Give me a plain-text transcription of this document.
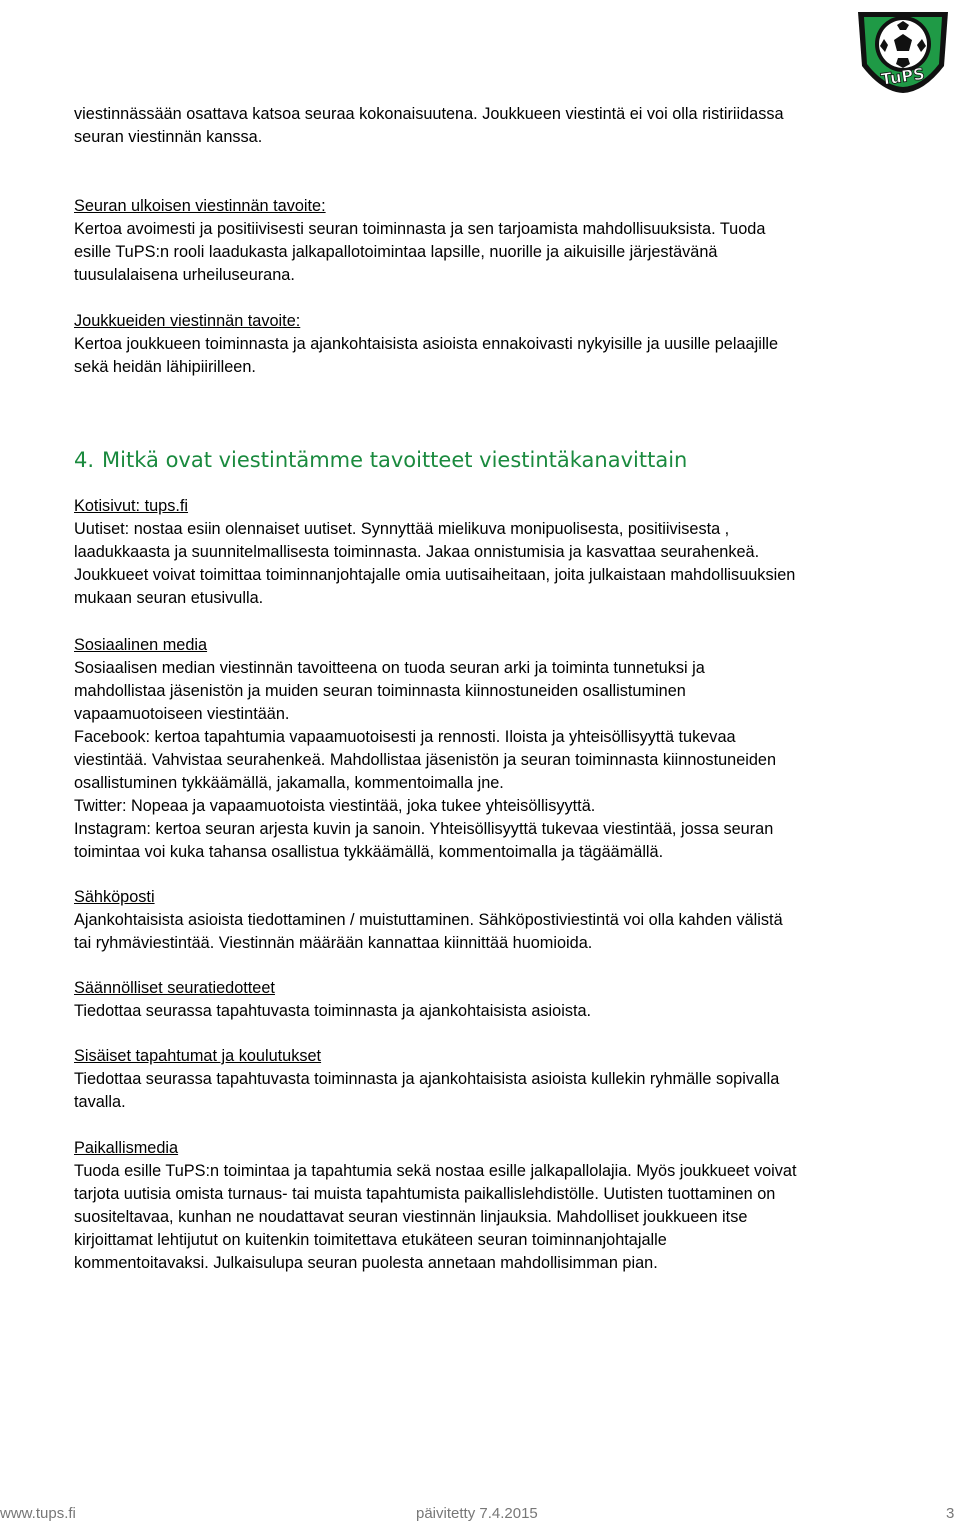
TuPS

viestinnässään osattava katsoa seuraa kokonaisuutena. Joukkueen viestintä ei voi olla ristiriidassa

seuran viestinnän kanssa.

Seuran ulkoisen viestinnän tavoite:

Kertoa avoimesti ja positiivisesti seuran toiminnasta ja sen tarjoamista mahdollisuuksista. Tuoda

esille TuPS:n rooli laadukasta jalkapallotoimintaa lapsille, nuorille ja aikuisille järjestävänä

tuusulalaisena urheiluseurana.

Joukkueiden viestinnän tavoite:

Kertoa joukkueen toiminnasta ja ajankohtaisista asioista ennakoivasti nykyisille ja uusille pelaajille

sekä heidän lähipiirilleen.

4. Mitkä ovat viestintämme tavoitteet viestintäkanavittain

Kotisivut: tups.fi

Uutiset: nostaa esiin olennaiset uutiset. Synnyttää mielikuva monipuolisesta, positiivisesta ,

laadukkaasta ja suunnitelmallisesta toiminnasta. Jakaa onnistumisia ja kasvattaa seurahenkeä.

Joukkueet voivat toimittaa toiminnanjohtajalle omia uutisaiheitaan, joita julkaistaan mahdollisuuksien

mukaan seuran etusivulla.

Sosiaalinen media

Sosiaalisen median viestinnän tavoitteena on tuoda seuran arki ja toiminta tunnetuksi ja

mahdollistaa jäsenistön ja muiden seuran toiminnasta kiinnostuneiden osallistuminen

vapaamuotoiseen viestintään.

Facebook: kertoa tapahtumia vapaamuotoisesti ja rennosti. Iloista ja yhteisöllisyyttä tukevaa

viestintää. Vahvistaa seurahenkeä. Mahdollistaa jäsenistön ja seuran toiminnasta kiinnostuneiden

osallistuminen tykkäämällä, jakamalla, kommentoimalla jne.

Twitter: Nopeaa ja vapaamuotoista viestintää, joka tukee yhteisöllisyyttä.

Instagram: kertoa seuran arjesta kuvin ja sanoin. Yhteisöllisyyttä tukevaa viestintää, jossa seuran

toimintaa voi kuka tahansa osallistua tykkäämällä, kommentoimalla ja tägäämällä.

Sähköposti

Ajankohtaisista asioista tiedottaminen / muistuttaminen. Sähköpostiviestintä voi olla kahden välistä

tai ryhmäviestintää. Viestinnän määrään kannattaa kiinnittää huomioida.

Säännölliset seuratiedotteet

Tiedottaa seurassa tapahtuvasta toiminnasta ja ajankohtaisista asioista.

Sisäiset tapahtumat ja koulutukset

Tiedottaa seurassa tapahtuvasta toiminnasta ja ajankohtaisista asioista kullekin ryhmälle sopivalla

tavalla.

Paikallismedia

Tuoda esille TuPS:n toimintaa ja tapahtumia sekä nostaa esille jalkapallolajia. Myös joukkueet voivat

tarjota uutisia omista turnaus- tai muista tapahtumista paikallislehdistölle. Uutisten tuottaminen on

suositeltavaa, kunhan ne noudattavat seuran viestinnän linjauksia. Mahdolliset joukkueen itse

kirjoittamat lehtijutut on kuitenkin toimitettava etukäteen seuran toiminnanjohtajalle

kommentoitavaksi. Julkaisulupa seuran puolesta annetaan mahdollisimman pian.

www.tups.fi	päivitetty 7.4.2015	3
